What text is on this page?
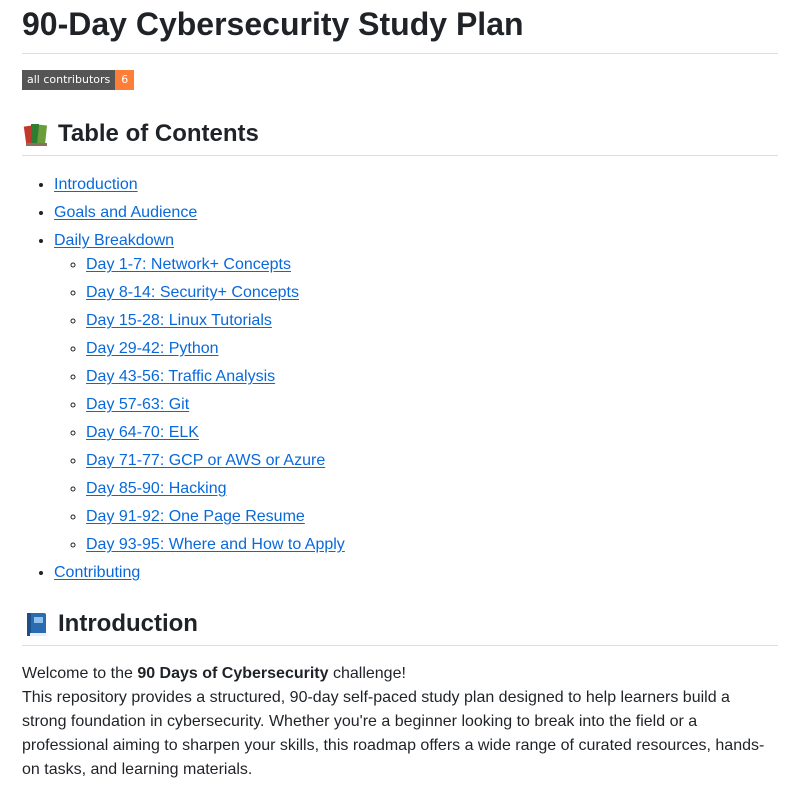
90-Day Cybersecurity Study Plan
all contributors	6
Table of Contents
• Introduction
• Goals and Audience
• Daily Breakdown
◦ Day 1-7: Network+ Concepts
◦ Day 8-14: Security+ Concepts
◦ Day 15-28: Linux Tutorials
◦ Day 29-42: Python
◦ Day 43-56: Traffic Analysis
◦ Day 57-63: Git
◦ Day 64-70: ELK
◦ Day 71-77: GCP or AWS or Azure
◦ Day 85-90: Hacking
◦ Day 91-92: One Page Resume
◦ Day 93-95: Where and How to Apply
• Contributing
Introduction

Welcome to the 90 Days of Cybersecurity challenge!

This repository provides a structured, 90-day self-paced study plan designed to help learners build a strong foundation in cybersecurity. Whether you're a beginner looking to break into the field or a professional aiming to sharpen your skills, this roadmap offers a wide range of curated resources, hands-on tasks, and learning materials.
